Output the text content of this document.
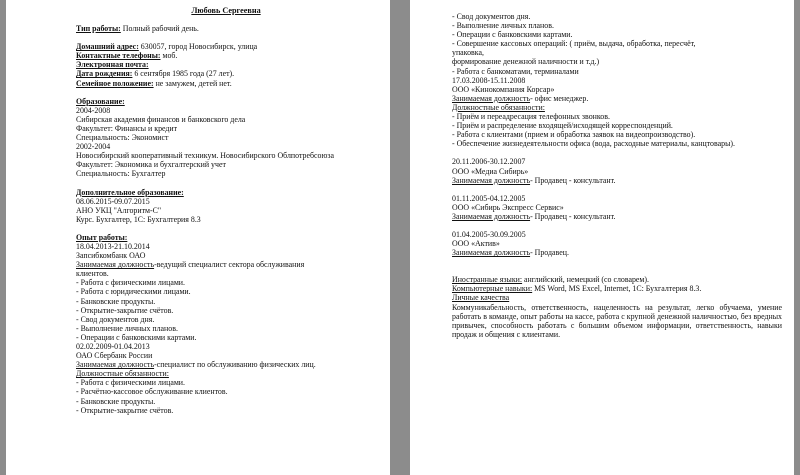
Любовь Сергеевна
Тип работы: Полный рабочий день.
Домашний адрес: 630057, город Новосибирск, улица
Контактные телефоны: моб.
Электронная почта:
Дата рождения: 6 сентября 1985 года (27 лет).
Семейное положение: не замужем, детей нет.
Образование:
2004-2008
Сибирская академия финансов и банковского дела
Факультет: Финансы и кредит
Специальность: Экономист
2002-2004
Новосибирский кооперативный техникум. Новосибирского Облпотребсоюза
Факультет: Экономика и бухгалтерский учет
Специальность: Бухгалтер
Дополнительное образование:
08.06.2015-09.07.2015
АНО УКЦ "Алгоритм-С"
Курс. Бухгалтер, 1С: Бухгалтерия 8.3
Опыт работы:
18.04.2013-21.10.2014
Запсибкомбанк ОАО
Занимаемая должность-ведущий специалист сектора обслуживания
клиентов.
- Работа с физическими лицами.
- Работа с юридическими лицами.
- Банковские продукты.
- Открытие-закрытие счётов.
- Свод документов дня.
- Выполнение личных планов.
- Операции с банковскими картами.
02.02.2009-01.04.2013
ОАО Сбербанк России
Занимаемая должность-специалист по обслуживанию физических лиц.
Должностные обязанности:
- Работа с физическими лицами.
- Расчётно-кассовое обслуживание клиентов.
- Банковские продукты.
- Открытие-закрытие счётов.
- Свод документов дня.
- Выполнение личных планов.
- Операции с банковскими картами.
- Совершение кассовых операций: ( приём, выдача, обработка, пересчёт,
упаковка,
формирование денежной наличности и т.д.)
- Работа с банкоматами, терминалами
17.03.2008-15.11.2008
ООО «Кинокомпания Корсар»
Занимаемая должность- офис менеджер.
Должностные обязанности:
- Приём и переадресация телефонных звонков.
- Приём и распределение входящей/исходящей корреспонденций.
- Работа с клиентами (прием и обработка заявок на видеопроизводство).
- Обеспечение жизнедеятельности офиса (вода, расходные материалы, канцтовары).
20.11.2006-30.12.2007
ООО «Медиа Сибирь»
Занимаемая должность- Продавец - консультант.
01.11.2005-04.12.2005
ООО «Сибирь Экспресс Сервис»
Занимаемая должность- Продавец - консультант.
01.04.2005-30.09.2005
ООО «Актив»
Занимаемая должность- Продавец.
Иностранные языки: английский, немецкий (со словарем).
Компьютерные навыки: MS Word, MS Excel, Internet, 1С: Бухгалтерия 8.3.
Личные качества
Коммуникабельность, ответственность, нацеленность на результат, легко обучаема, умение работать в команде, опыт работы на кассе, работа с крупной денежной наличностью, без вредных привычек, способность работать с большим объемом информации, ответственность, навыки продаж и общения с клиентами.
